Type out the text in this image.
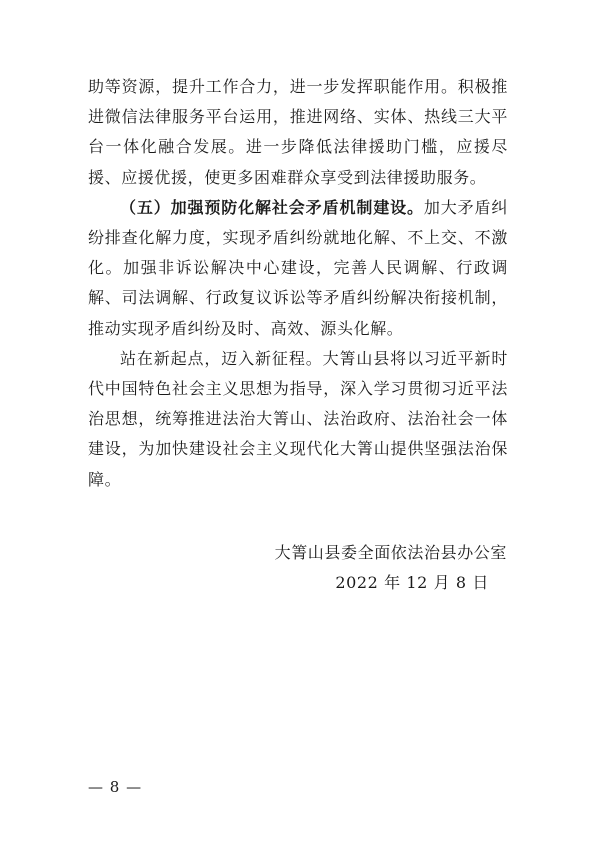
助等资源，提升工作合力，进一步发挥职能作用。积极推进微信法律服务平台运用，推进网络、实体、热线三大平台一体化融合发展。进一步降低法律援助门槛，应援尽援、应援优援，使更多困难群众享受到法律援助服务。

（五）加强预防化解社会矛盾机制建设。加大矛盾纠纷排查化解力度，实现矛盾纠纷就地化解、不上交、不激化。加强非诉讼解决中心建设，完善人民调解、行政调解、司法调解、行政复议诉讼等矛盾纠纷解决衔接机制，推动实现矛盾纠纷及时、高效、源头化解。

站在新起点，迈入新征程。大箐山县将以习近平新时代中国特色社会主义思想为指导，深入学习贯彻习近平法治思想，统筹推进法治大箐山、法治政府、法治社会一体建设，为加快建设社会主义现代化大箐山提供坚强法治保障。

大箐山县委全面依法治县办公室
2022 年 12 月 8 日
— 8 —
